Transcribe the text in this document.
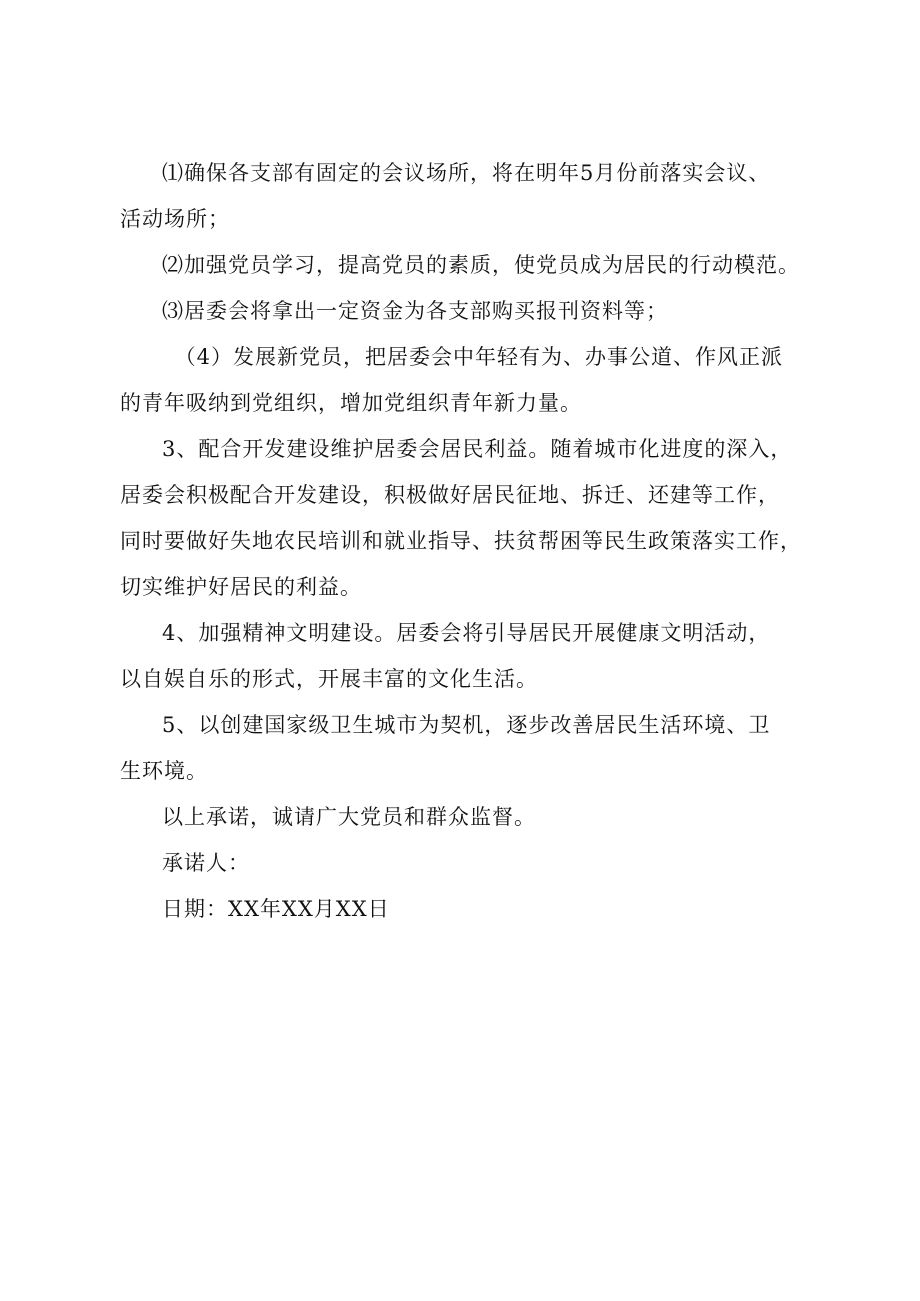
⑴确保各支部有固定的会议场所，将在明年5月份前落实会议、
活动场所；

⑵加强党员学习，提高党员的素质，使党员成为居民的行动模范。

⑶居委会将拿出一定资金为各支部购买报刊资料等；

（4）发展新党员，把居委会中年轻有为、办事公道、作风正派
的青年吸纳到党组织，增加党组织青年新力量。

3、配合开发建设维护居委会居民利益。随着城市化进度的深入，
居委会积极配合开发建设，积极做好居民征地、拆迁、还建等工作，
同时要做好失地农民培训和就业指导、扶贫帮困等民生政策落实工作，
切实维护好居民的利益。

4、加强精神文明建设。居委会将引导居民开展健康文明活动，
以自娱自乐的形式，开展丰富的文化生活。

5、以创建国家级卫生城市为契机，逐步改善居民生活环境、卫
生环境。

以上承诺，诚请广大党员和群众监督。

承诺人：

日期：XX年XX月XX日
